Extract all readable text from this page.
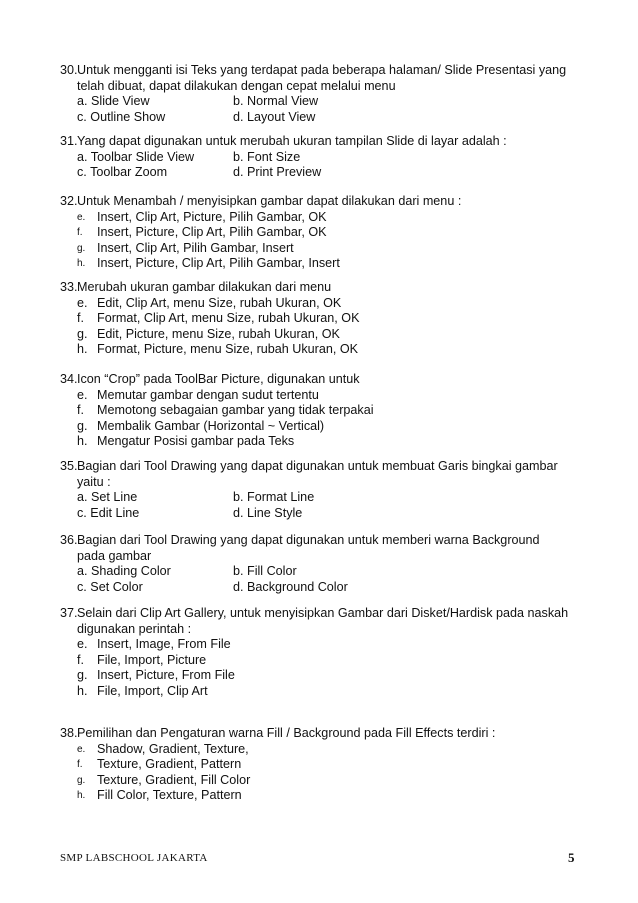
30. Untuk mengganti isi Teks yang terdapat pada beberapa halaman/ Slide Presentasi yang
telah dibuat, dapat dilakukan dengan cepat melalui menu
a. Slide View	b. Normal View
c. Outline Show	d. Layout View
31. Yang dapat digunakan untuk merubah ukuran tampilan Slide di layar adalah :
a. Toolbar Slide View	b. Font Size
c. Toolbar Zoom	d. Print Preview
32. Untuk Menambah / menyisipkan gambar dapat dilakukan dari menu :
e. Insert, Clip Art, Picture, Pilih Gambar, OK
f.	Insert, Picture, Clip Art, Pilih Gambar, OK
g. Insert, Clip Art, Pilih Gambar, Insert
h. Insert, Picture, Clip Art, Pilih Gambar, Insert
33. Merubah ukuran gambar dilakukan dari menu
e. Edit, Clip Art, menu Size, rubah Ukuran, OK
f.	Format, Clip Art, menu Size, rubah Ukuran, OK
g. Edit, Picture, menu Size, rubah Ukuran, OK
h. Format, Picture, menu Size, rubah Ukuran, OK
34. Icon “Crop” pada ToolBar Picture, digunakan untuk
e. Memutar gambar dengan sudut tertentu
f.	Memotong sebagaian gambar yang tidak terpakai
g. Membalik Gambar (Horizontal ~ Vertical)
h. Mengatur Posisi gambar pada Teks
35. Bagian dari Tool Drawing yang dapat digunakan untuk membuat Garis bingkai gambar
yaitu :
a. Set Line	b. Format Line
c. Edit Line	d. Line Style
36. Bagian dari Tool Drawing yang dapat digunakan untuk memberi warna Background
pada gambar
a. Shading Color	b. Fill Color
c. Set Color	d. Background Color
37. Selain dari Clip Art Gallery, untuk menyisipkan Gambar dari Disket/Hardisk pada naskah
digunakan perintah :
e. Insert, Image, From File
f.	File, Import, Picture
g. Insert, Picture, From File
h. File, Import, Clip Art
38. Pemilihan dan Pengaturan warna Fill / Background pada Fill Effects terdiri :
e. Shadow, Gradient, Texture,
f.	Texture, Gradient, Pattern
g. Texture, Gradient, Fill Color
h. Fill Color, Texture, Pattern
SMP LABSCHOOL JAKARTA	5
